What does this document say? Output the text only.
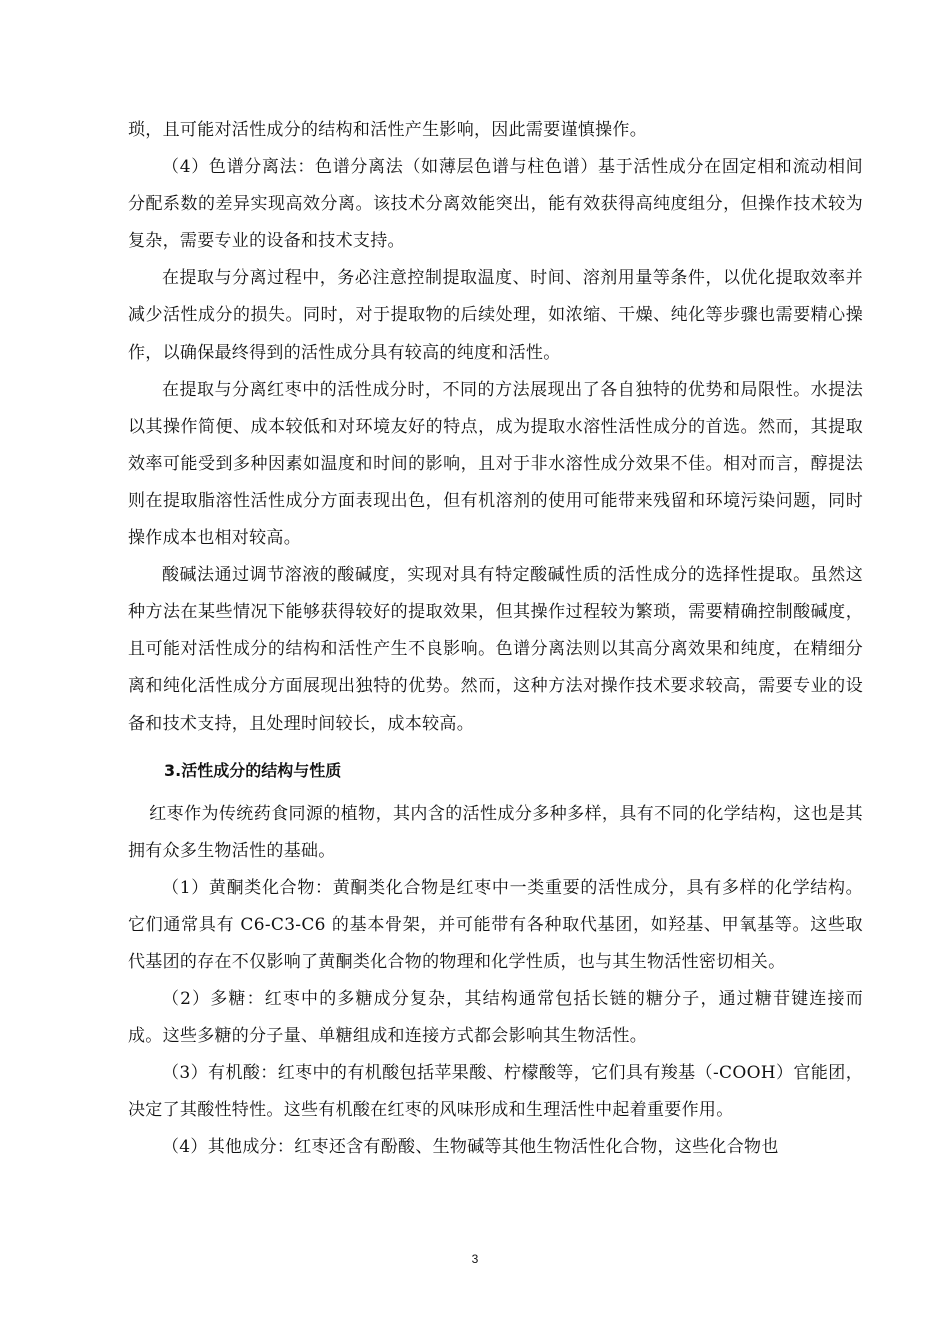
琐，且可能对活性成分的结构和活性产生影响，因此需要谨慎操作。

（4）色谱分离法：色谱分离法（如薄层色谱与柱色谱）基于活性成分在固定相和流动相间分配系数的差异实现高效分离。该技术分离效能突出，能有效获得高纯度组分，但操作技术较为复杂，需要专业的设备和技术支持。

在提取与分离过程中，务必注意控制提取温度、时间、溶剂用量等条件，以优化提取效率并减少活性成分的损失。同时，对于提取物的后续处理，如浓缩、干燥、纯化等步骤也需要精心操作，以确保最终得到的活性成分具有较高的纯度和活性。

在提取与分离红枣中的活性成分时，不同的方法展现出了各自独特的优势和局限性。水提法以其操作简便、成本较低和对环境友好的特点，成为提取水溶性活性成分的首选。然而，其提取效率可能受到多种因素如温度和时间的影响，且对于非水溶性成分效果不佳。相对而言，醇提法则在提取脂溶性活性成分方面表现出色，但有机溶剂的使用可能带来残留和环境污染问题，同时操作成本也相对较高。

酸碱法通过调节溶液的酸碱度，实现对具有特定酸碱性质的活性成分的选择性提取。虽然这种方法在某些情况下能够获得较好的提取效果，但其操作过程较为繁琐，需要精确控制酸碱度，且可能对活性成分的结构和活性产生不良影响。色谱分离法则以其高分离效果和纯度，在精细分离和纯化活性成分方面展现出独特的优势。然而，这种方法对操作技术要求较高，需要专业的设备和技术支持，且处理时间较长，成本较高。

3.活性成分的结构与性质

红枣作为传统药食同源的植物，其内含的活性成分多种多样，具有不同的化学结构，这也是其拥有众多生物活性的基础。

（1）黄酮类化合物：黄酮类化合物是红枣中一类重要的活性成分，具有多样的化学结构。它们通常具有 C6-C3-C6 的基本骨架，并可能带有各种取代基团，如羟基、甲氧基等。这些取代基团的存在不仅影响了黄酮类化合物的物理和化学性质，也与其生物活性密切相关。

（2）多糖：红枣中的多糖成分复杂，其结构通常包括长链的糖分子，通过糖苷键连接而成。这些多糖的分子量、单糖组成和连接方式都会影响其生物活性。

（3）有机酸：红枣中的有机酸包括苹果酸、柠檬酸等，它们具有羧基（-COOH）官能团，决定了其酸性特性。这些有机酸在红枣的风味形成和生理活性中起着重要作用。

（4）其他成分：红枣还含有酚酸、生物碱等其他生物活性化合物，这些化合物也

3
